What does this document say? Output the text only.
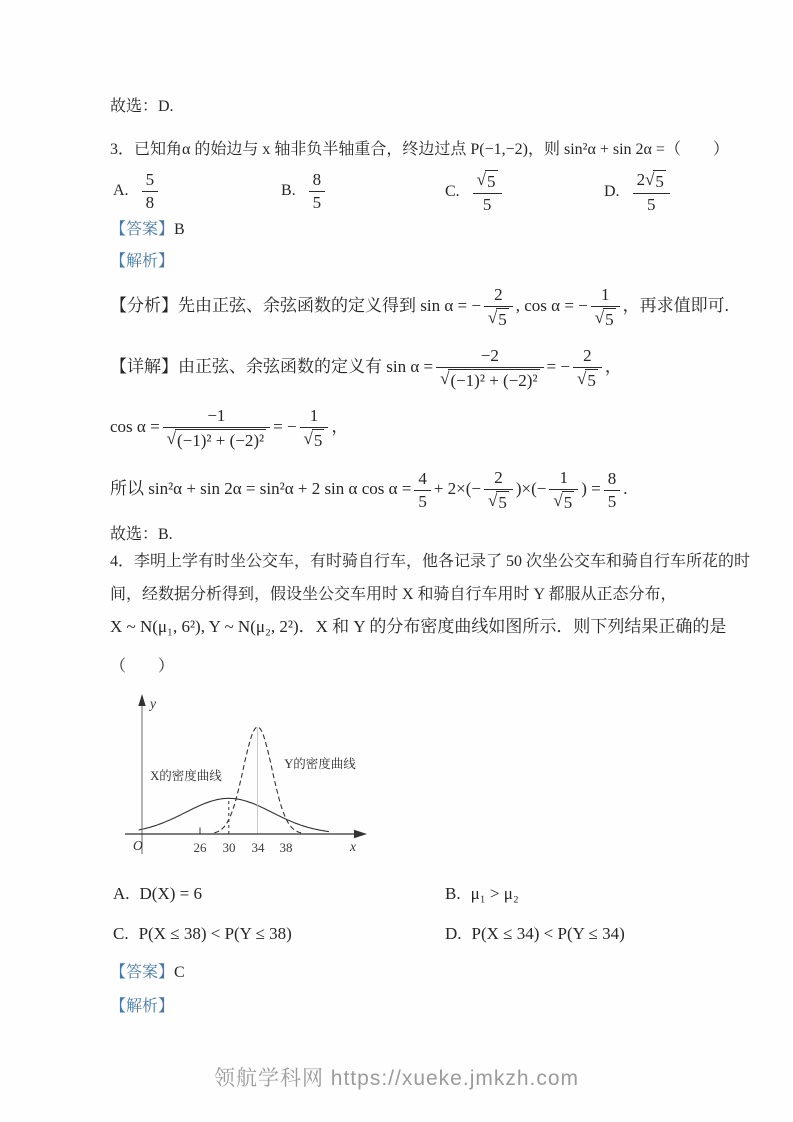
故选：D.
3．已知角α 的始边与 x 轴非负半轴重合，终边过点 P(−1,−2)，则 sin²α + sin 2α =（　　）
A. $\frac{5}{8}$	B. $\frac{8}{5}$	C. $\frac{√ 5}{5}$	D. $\frac{2 √ 5}{5}$
【答案】B
【解析】
【分析】先由正弦、余弦函数的定义得到 sin α = − $\frac{2}{√ 5}$ , cos α = − $\frac{1}{√ 5}$ ，再求值即可.
【详解】由正弦、余弦函数的定义有 $\sin \alpha = \frac{-2}{\text{√ (−1)² + (−2)²}}$ = − $\frac{2}{√ 5}$ ，
$\cos \alpha = \frac{-1}{\text{√ (−1)² + (−2)²}}$ = − $\frac{1}{√ 5}$ ，
所以 sin²α + sin 2α = sin²α + 2 sin α $\cos \alpha = \frac{4}{5} + 2\times(- \frac{2}{√ 5}$ )×(− $\frac{1}{√ 5}$ ) = $\frac{8}{5}$ .
故选：B.
4．李明上学有时坐公交车，有时骑自行车，他各记录了 50 次坐公交车和骑自行车所花的时
间，经数据分析得到，假设坐公交车用时 X 和骑自行车用时 Y 都服从正态分布，
X ~ N(μ₁, 6²), Y ~ N(μ₂, 2²)．X 和 Y 的分布密度曲线如图所示．则下列结果正确的是
（　　）
y
O	26 30 34 38	x
X的密度曲线
Y的密度曲线
A. D(X) = 6	B. μ₁ > μ₂
C. P(X ≤ 38) < P(Y ≤ 38)	D. P(X ≤ 34) < P(Y ≤ 34)
【答案】C
【解析】
领航学科网 https://xueke.jmkzh.com
